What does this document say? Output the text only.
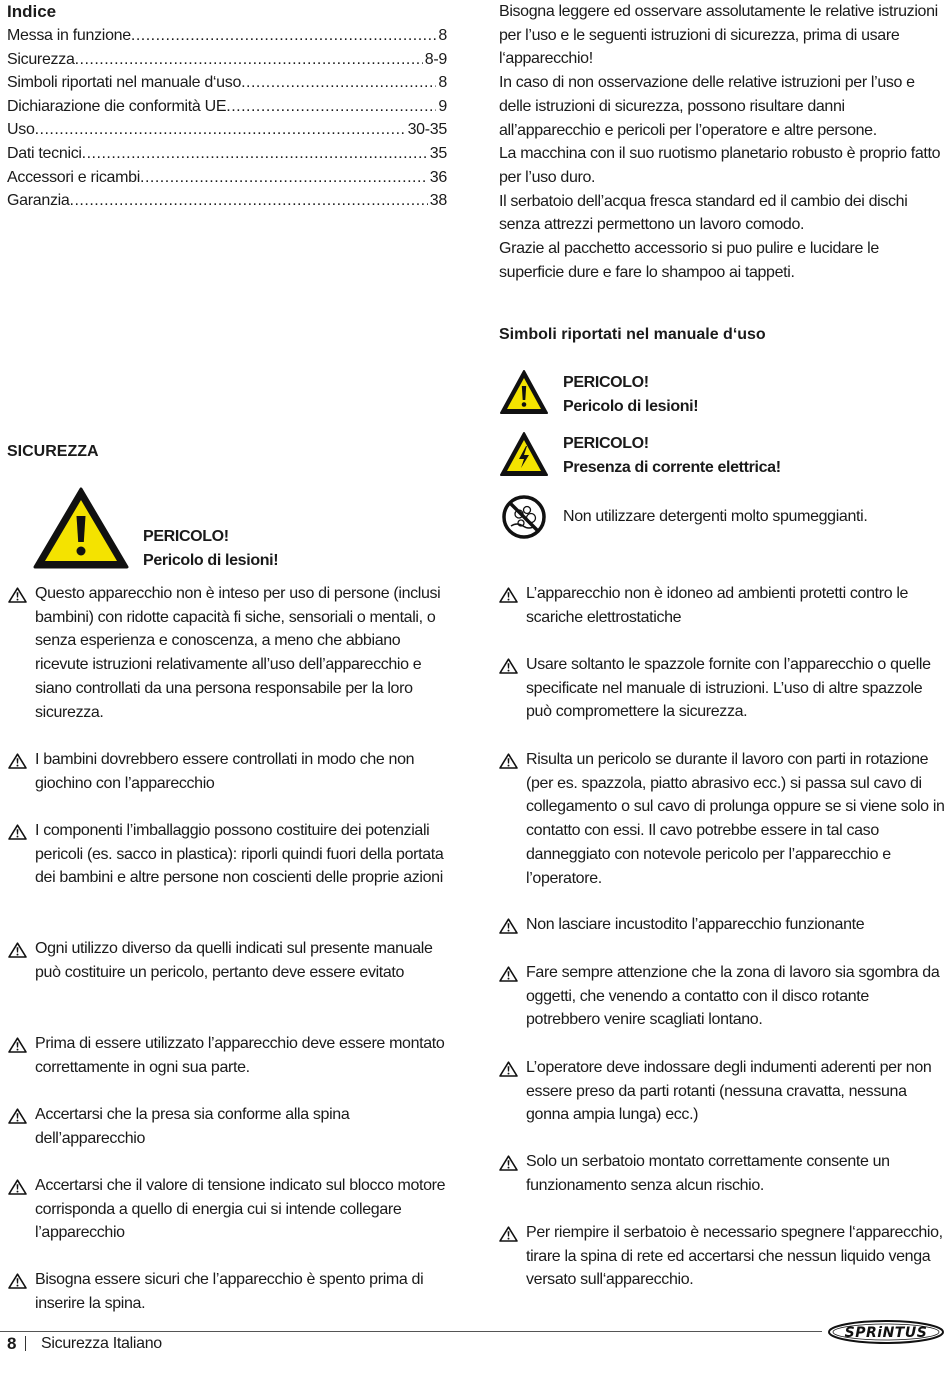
Indice
Messa in funzione .....	8
Sicurezza .....	8-9
Simboli riportati nel manuale d‘uso .....	8
Dichiarazione die conformità UE .....	9
Uso .....	30-35
Dati tecnici .....	35
Accessori e ricambi .....	36
Garanzia .....	38

Bisogna leggere ed osservare assolutamente le relative istruzioni per l’uso e le seguenti istruzioni di sicurezza, prima di usare l‘apparecchio!

In caso di non osservazione delle relative istruzioni per l’uso e delle istruzioni di sicurezza, possono risultare danni all’apparecchio e pericoli per l’operatore e altre persone.

La macchina con il suo ruotismo planetario robusto è proprio fatto per l’uso duro.

Il serbatoio dell’acqua fresca standard ed il cambio dei dischi senza attrezzi permettono un lavoro comodo.

Grazie al pacchetto accessorio si puo pulire e lucidare le superficie dure e fare lo shampoo ai tappeti.

Simboli riportati nel manuale d‘uso
PERICOLO!
Pericolo di lesioni!
PERICOLO!
Presenza di corrente elettrica!
Non utilizzare detergenti molto spumeggianti.
SICUREZZA
PERICOLO!
Pericolo di lesioni!
Questo apparecchio non è inteso per uso di persone (inclusi bambini) con ridotte capacità fi siche, sensoriali o mentali, o senza esperienza e conoscenza, a meno che abbiano ricevute istruzioni relativamente all’uso dell’apparecchio e siano controllati da una persona responsabile per la loro sicurezza.
I bambini dovrebbero essere controllati in modo che non giochino con l’apparecchio
I componenti l’imballaggio possono costituire dei potenziali pericoli (es. sacco in plastica): riporli quindi fuori della portata dei bambini e altre persone non coscienti delle proprie azioni
Ogni utilizzo diverso da quelli indicati sul presente manuale può costituire un pericolo, pertanto deve essere evitato
Prima di essere utilizzato l’apparecchio deve essere montato correttamente in ogni sua parte.
Accertarsi che la presa sia conforme alla spina dell’apparecchio
Accertarsi che il valore di tensione indicato sul blocco motore corrisponda a quello di energia cui si intende collegare l’apparecchio
Bisogna essere sicuri che l’apparecchio è spento prima di inserire la spina.
L’apparecchio non è idoneo ad ambienti protetti contro le scariche elettrostatiche
Usare soltanto le spazzole fornite con l’apparecchio o quelle specificate nel manuale di istruzioni. L’uso di altre spazzole può compromettere la sicurezza.
Risulta un pericolo se durante il lavoro con parti in rotazione (per es. spazzola, piatto abrasivo ecc.) si passa sul cavo di collegamento o sul cavo di prolunga oppure se si viene solo in contatto con essi. Il cavo potrebbe essere in tal caso danneggiato con notevole pericolo per l’apparecchio e l’operatore.
Non lasciare incustodito l’apparecchio funzionante
Fare sempre attenzione che la zona di lavoro sia sgombra da oggetti, che venendo a contatto con il disco rotante potrebbero venire scagliati lontano.
L’operatore deve indossare degli indumenti aderenti per non essere preso da parti rotanti (nessuna cravatta, nessuna gonna ampia lunga) ecc.)
Solo un serbatoio montato correttamente consente un funzionamento senza alcun rischio.
Per riempire il serbatoio è necessario spegnere l‘apparecchio, tirare la spina di rete ed accertarsi che nessun liquido venga versato sull‘apparecchio.
8 Sicurezza Italiano
SPRiNTUS
